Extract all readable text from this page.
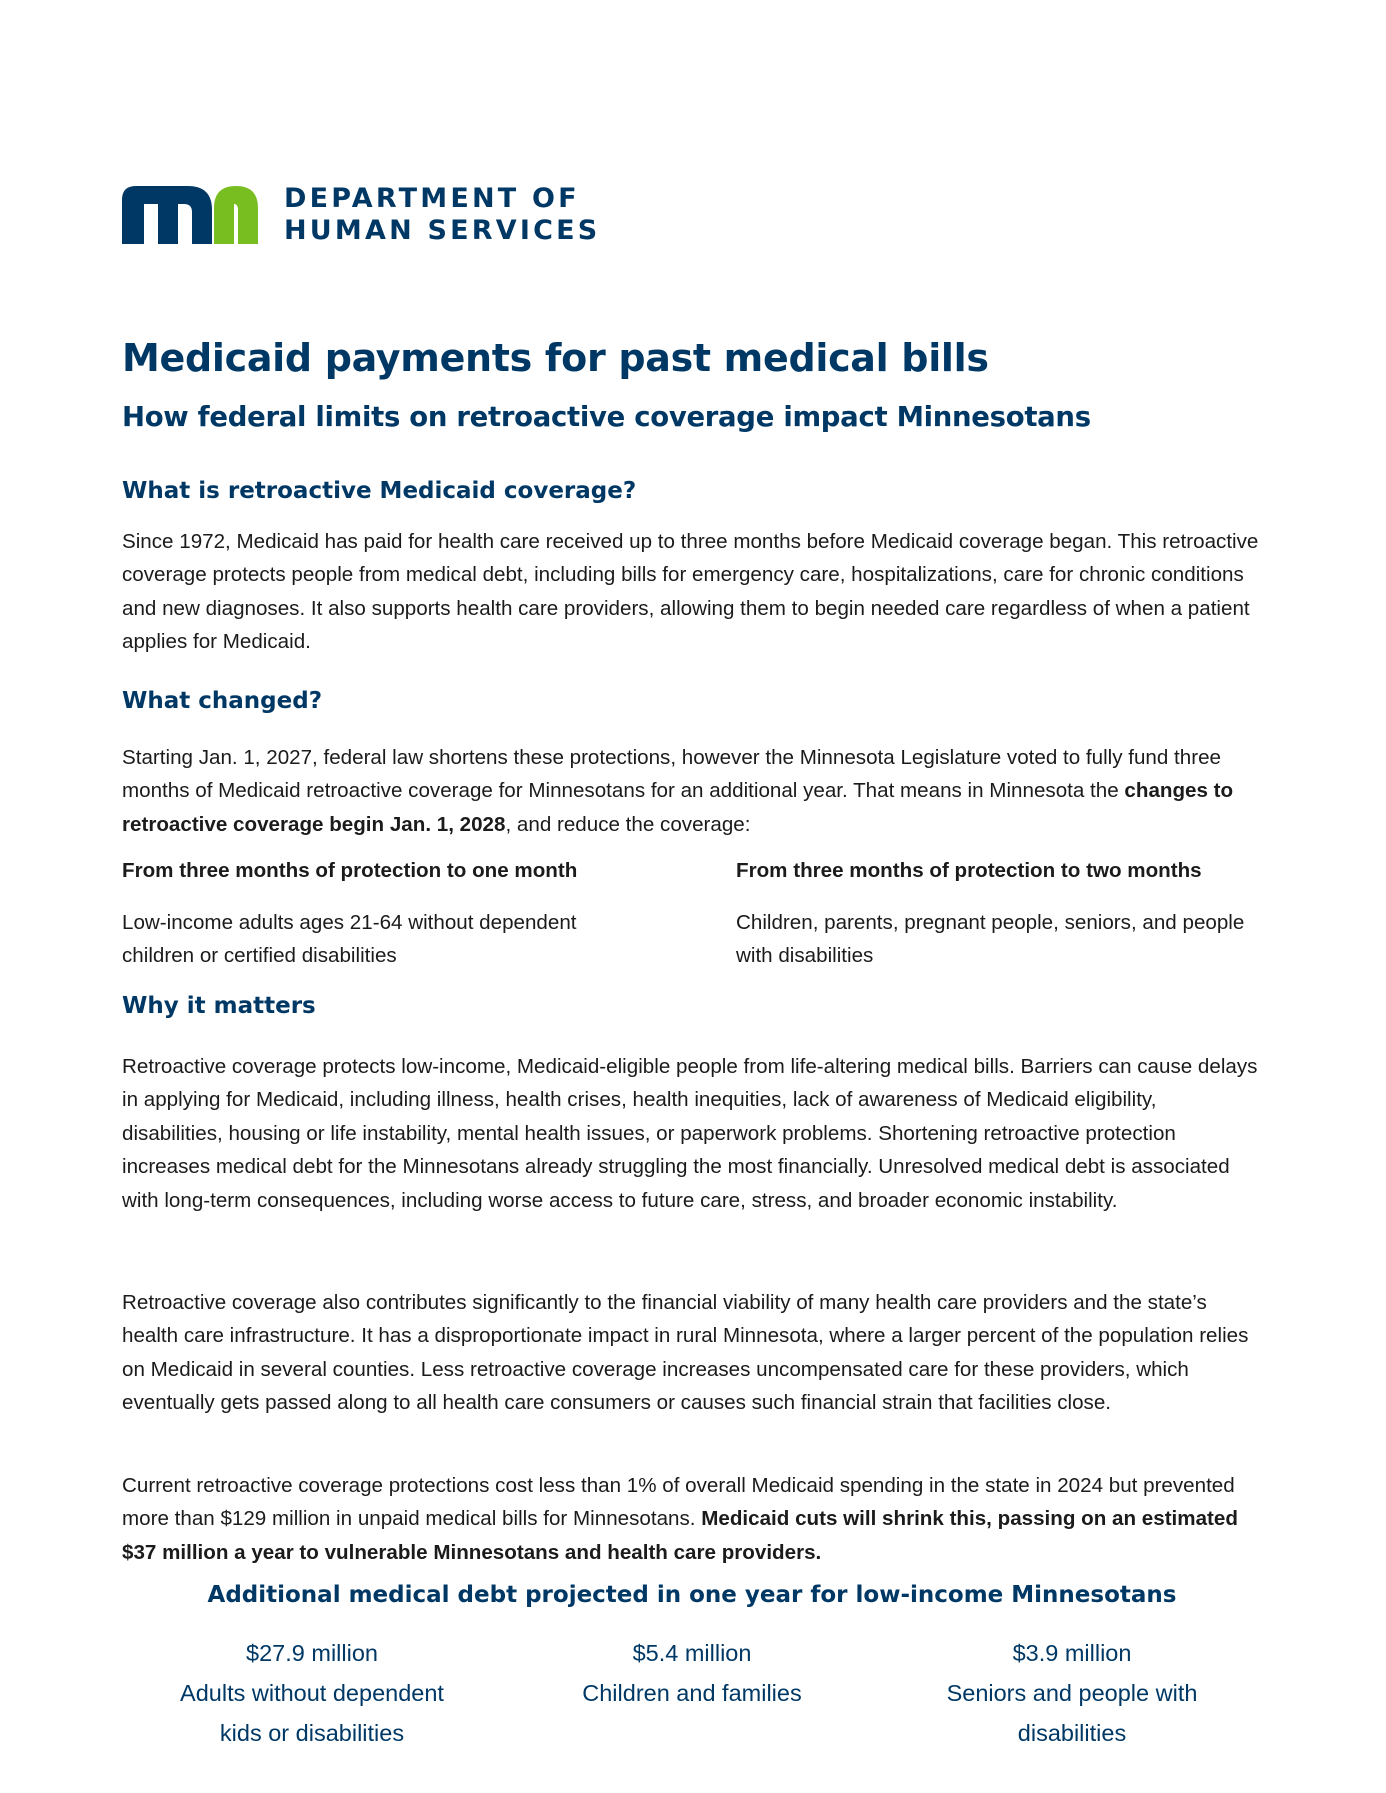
DEPARTMENT OF
HUMAN SERVICES
Medicaid payments for past medical bills
How federal limits on retroactive coverage impact Minnesotans
What is retroactive Medicaid coverage?

Since 1972, Medicaid has paid for health care received up to three months before Medicaid coverage began. This retroactive coverage protects people from medical debt, including bills for emergency care, hospitalizations, care for chronic conditions and new diagnoses. It also supports health care providers, allowing them to begin needed care regardless of when a patient applies for Medicaid.

What changed?

Starting Jan. 1, 2027, federal law shortens these protections, however the Minnesota Legislature voted to fully fund three months of Medicaid retroactive coverage for Minnesotans for an additional year. That means in Minnesota the changes to retroactive coverage begin Jan. 1, 2028, and reduce the coverage:

From three months of protection to one month

Low-income adults ages 21-64 without dependent children or certified disabilities

From three months of protection to two months

Children, parents, pregnant people, seniors, and people with disabilities

Why it matters

Retroactive coverage protects low-income, Medicaid-eligible people from life-altering medical bills. Barriers can cause delays in applying for Medicaid, including illness, health crises, health inequities, lack of awareness of Medicaid eligibility, disabilities, housing or life instability, mental health issues, or paperwork problems. Shortening retroactive protection increases medical debt for the Minnesotans already struggling the most financially. Unresolved medical debt is associated with long-term consequences, including worse access to future care, stress, and broader economic instability.

Retroactive coverage also contributes significantly to the financial viability of many health care providers and the state’s health care infrastructure. It has a disproportionate impact in rural Minnesota, where a larger percent of the population relies on Medicaid in several counties. Less retroactive coverage increases uncompensated care for these providers, which eventually gets passed along to all health care consumers or causes such financial strain that facilities close.

Current retroactive coverage protections cost less than 1% of overall Medicaid spending in the state in 2024 but prevented more than $129 million in unpaid medical bills for Minnesotans. Medicaid cuts will shrink this, passing on an estimated $37 million a year to vulnerable Minnesotans and health care providers.

Additional medical debt projected in one year for low-income Minnesotans
$27.9 million
Adults without dependent kids or disabilities
$5.4 million
Children and families
$3.9 million
Seniors and people with disabilities
